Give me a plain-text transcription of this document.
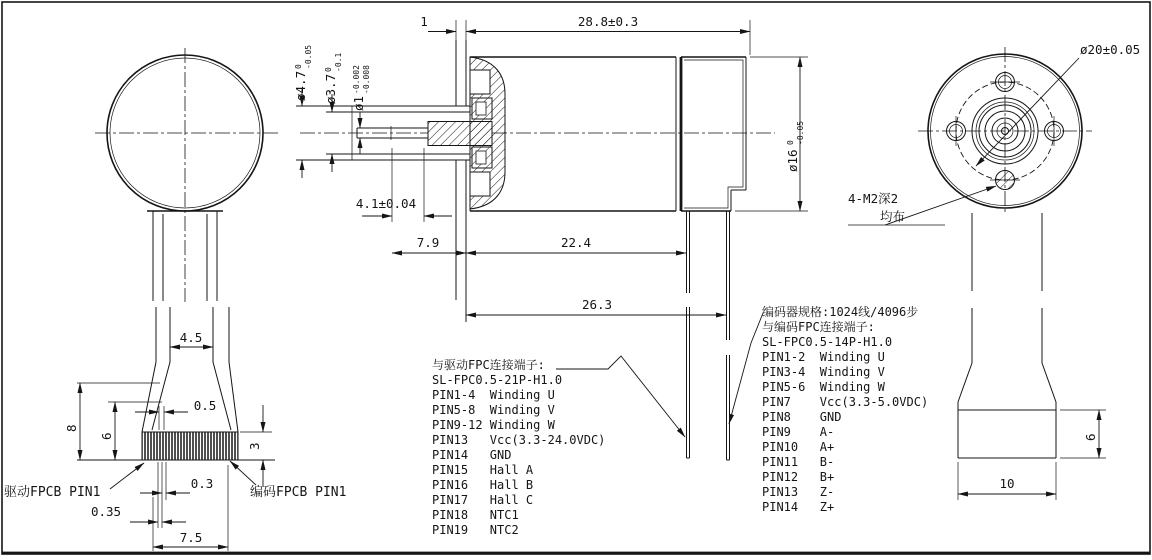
4.5
8
6
0.5
3
0.3
0.35
7.5
1	28.8±0.3
ø160-0.05
ø4.70-0.05
ø3.70-0.1
ø1-0.002-0.008
4.1±0.04
7.9	22.4
26.3
ø20±0.05
4-M2深2
均布
6
10
与驱动FPC连接端子:
SL-FPC0.5-21P-H1.0
PIN1-4  Winding U
PIN5-8  Winding V
PIN9-12 Winding W
PIN13   Vcc(3.3-24.0VDC)
PIN14   GND
PIN15   Hall A
PIN16   Hall B
PIN17   Hall C
PIN18   NTC1
PIN19   NTC2
编码器规格:1024线/4096步
与编码FPC连接端子:
SL-FPC0.5-14P-H1.0
PIN1-2  Winding U
PIN3-4  Winding V
PIN5-6  Winding W
PIN7    Vcc(3.3-5.0VDC)
PIN8    GND
PIN9    A-
PIN10   A+
PIN11   B-
PIN12   B+
PIN13   Z-
PIN14   Z+
驱动FPCB PIN1	编码FPCB PIN1
